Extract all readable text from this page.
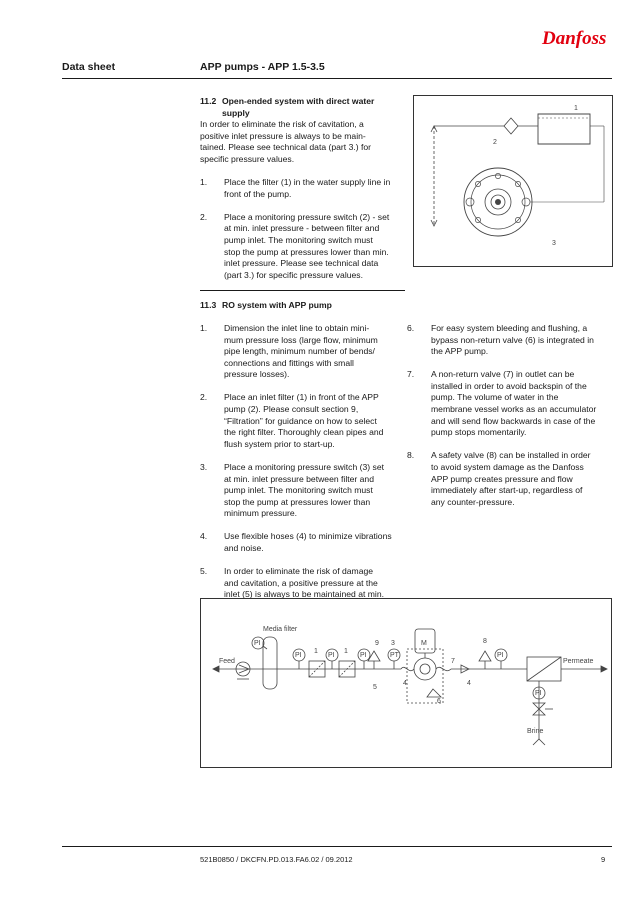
Danfoss
Data sheet	APP pumps - APP 1.5-3.5
11.2 Open-ended system with direct water
supply
In order to eliminate the risk of cavitation, a
positive inlet pressure is always to be main-
tained. Please see technical data (part 3.) for
specific pressure values.
1. Place the filter (1) in the water supply line in
front of the pump.
2. Place a monitoring pressure switch (2) - set
at min. inlet pressure - between filter and
pump inlet. The monitoring switch must
stop the pump at pressures lower than min.
inlet pressure. Please see technical data
(part 3.) for specific pressure values.
1
2
3
11.3 RO system with APP pump
1. Dimension the inlet line to obtain mini-
mum pressure loss (large flow, minimum
pipe length, minimum number of bends/
connections and fittings with small
pressure losses).
2. Place an inlet filter (1) in front of the APP
pump (2). Please consult section 9,
“Filtration” for guidance on how to select
the right filter. Thoroughly clean pipes and
flush system prior to start-up.
3. Place a monitoring pressure switch (3) set
at min. inlet pressure between filter and
pump inlet. The monitoring switch must
stop the pump at pressures lower than
minimum pressure.
4. Use flexible hoses (4) to minimize vibrations
and noise.
5. In order to eliminate the risk of damage
and cavitation, a positive pressure at the
inlet (5) is always to be maintained at min.
inlet pressure and max. inlet pressure.
6. For easy system bleeding and flushing, a
bypass non-return valve (6) is integrated in
the APP pump.
7. A non-return valve (7) in outlet can be
installed in order to avoid backspin of the
pump. The volume of water in the
membrane vessel works as an accumulator
and will send flow backwards in case of the
pump stops momentarily.
8. A safety valve (8) can be installed in order
to avoid system damage as the Danfoss
APP pump creates pressure and flow
immediately after start-up, regardless of
any counter-pressure.
Media filter
Feed	Permeate
Brine
PI
PI	PI	PI	PT	PI
PI
M
1	1
9 3
4	4
5
6
7
8
521B0850 / DKCFN.PD.013.FA6.02 / 09.2012	9
